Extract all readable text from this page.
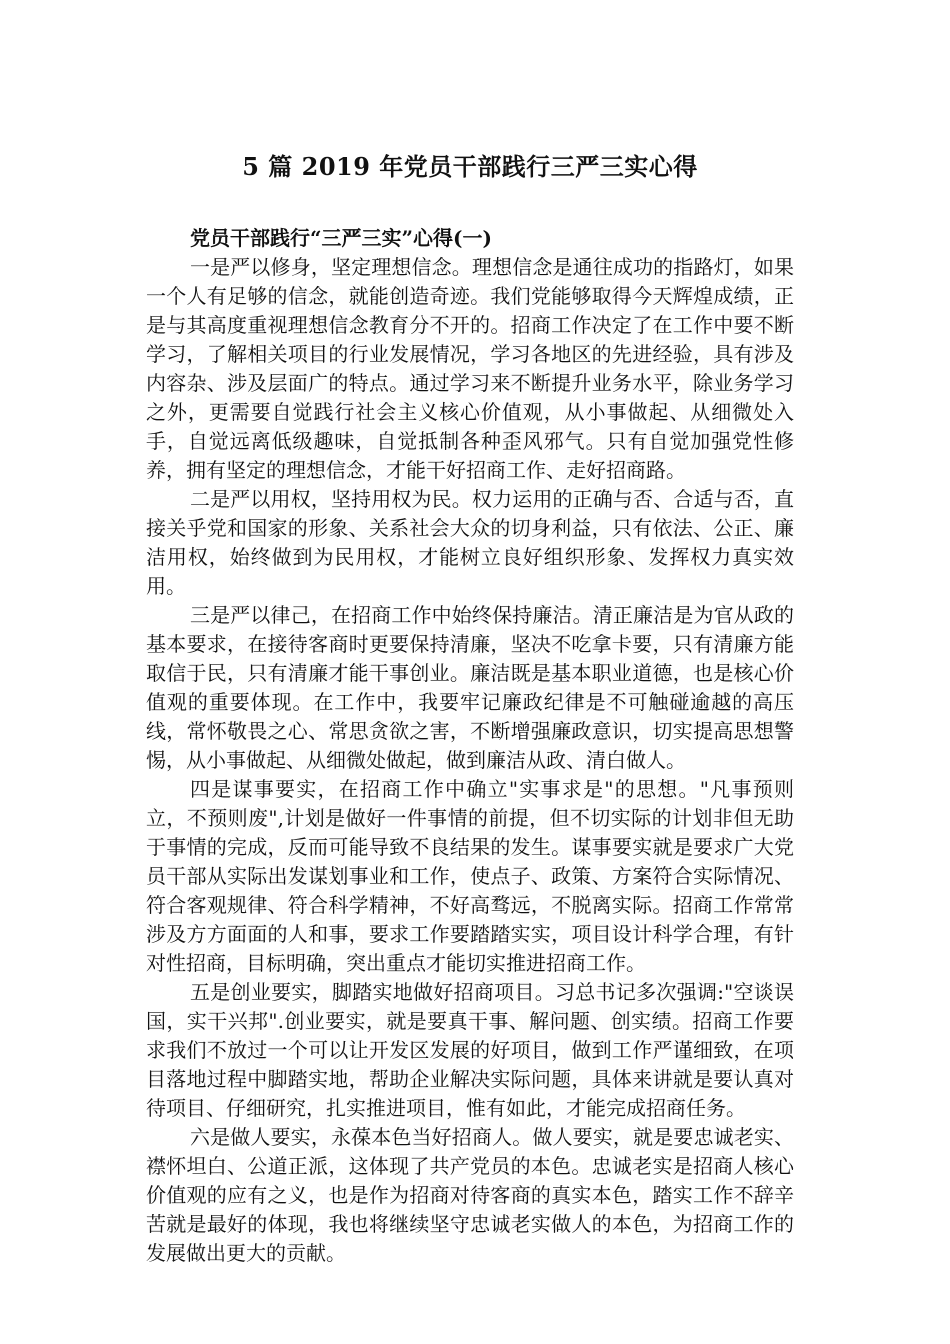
5 篇 2019 年党员干部践行三严三实心得
党员干部践行“三严三实”心得(一)

一是严以修身，坚定理想信念。理想信念是通往成功的指路灯，如果一个人有足够的信念，就能创造奇迹。我们党能够取得今天辉煌成绩，正是与其高度重视理想信念教育分不开的。招商工作决定了在工作中要不断学习，了解相关项目的行业发展情况，学习各地区的先进经验，具有涉及内容杂、涉及层面广的特点。通过学习来不断提升业务水平，除业务学习之外，更需要自觉践行社会主义核心价值观，从小事做起、从细微处入手，自觉远离低级趣味，自觉抵制各种歪风邪气。只有自觉加强党性修养，拥有坚定的理想信念，才能干好招商工作、走好招商路。

二是严以用权，坚持用权为民。权力运用的正确与否、合适与否，直接关乎党和国家的形象、关系社会大众的切身利益，只有依法、公正、廉洁用权，始终做到为民用权，才能树立良好组织形象、发挥权力真实效用。

三是严以律己，在招商工作中始终保持廉洁。清正廉洁是为官从政的基本要求，在接待客商时更要保持清廉，坚决不吃拿卡要，只有清廉方能取信于民，只有清廉才能干事创业。廉洁既是基本职业道德，也是核心价值观的重要体现。在工作中，我要牢记廉政纪律是不可触碰逾越的高压线，常怀敬畏之心、常思贪欲之害，不断增强廉政意识，切实提高思想警惕，从小事做起、从细微处做起，做到廉洁从政、清白做人。

四是谋事要实，在招商工作中确立"实事求是"的思想。"凡事预则立，不预则废",计划是做好一件事情的前提，但不切实际的计划非但无助于事情的完成，反而可能导致不良结果的发生。谋事要实就是要求广大党员干部从实际出发谋划事业和工作，使点子、政策、方案符合实际情况、符合客观规律、符合科学精神，不好高骛远，不脱离实际。招商工作常常涉及方方面面的人和事，要求工作要踏踏实实，项目设计科学合理，有针对性招商，目标明确，突出重点才能切实推进招商工作。

五是创业要实，脚踏实地做好招商项目。习总书记多次强调:"空谈误国，实干兴邦".创业要实，就是要真干事、解问题、创实绩。招商工作要求我们不放过一个可以让开发区发展的好项目，做到工作严谨细致，在项目落地过程中脚踏实地，帮助企业解决实际问题，具体来讲就是要认真对待项目、仔细研究，扎实推进项目，惟有如此，才能完成招商任务。

六是做人要实，永葆本色当好招商人。做人要实，就是要忠诚老实、襟怀坦白、公道正派，这体现了共产党员的本色。忠诚老实是招商人核心价值观的应有之义，也是作为招商对待客商的真实本色，踏实工作不辞辛苦就是最好的体现，我也将继续坚守忠诚老实做人的本色，为招商工作的发展做出更大的贡献。
